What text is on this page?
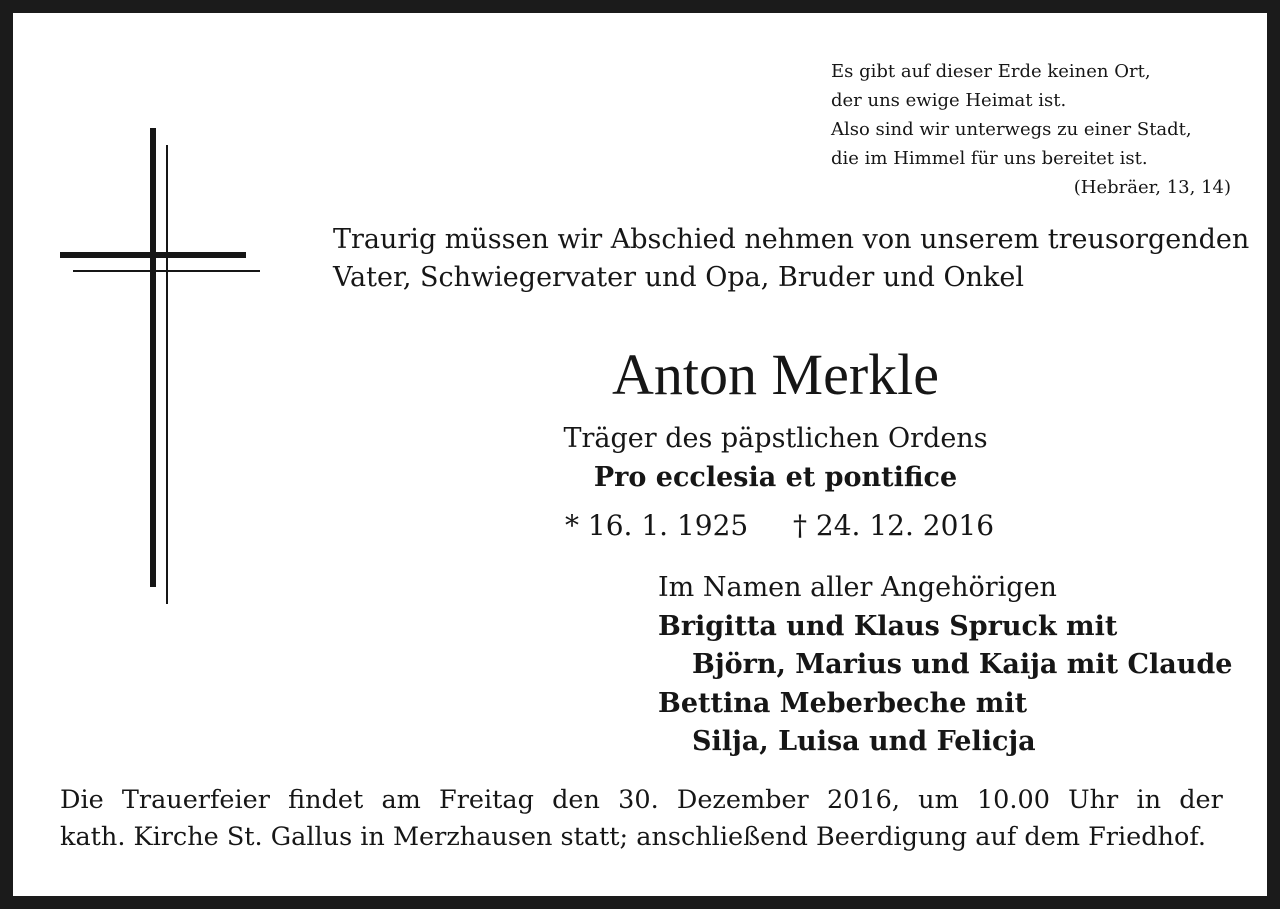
Es gibt auf dieser Erde keinen Ort,
der uns ewige Heimat ist.
Also sind wir unterwegs zu einer Stadt,
die im Himmel für uns bereitet ist.
(Hebräer, 13, 14)
Traurig müssen wir Abschied nehmen von unserem treusorgenden
Vater, Schwiegervater und Opa, Bruder und Onkel
Anton Merkle
Träger des päpstlichen Ordens
Pro ecclesia et pontifice
* 16. 1. 1925 † 24. 12. 2016
Im Namen aller Angehörigen
Brigitta und Klaus Spruck mit
Björn, Marius und Kaija mit Claude
Bettina Meberbeche mit
Silja, Luisa und Felicja
Die Trauerfeier findet am Freitag den 30. Dezember 2016, um 10.00 Uhr in der
kath. Kirche St. Gallus in Merzhausen statt; anschließend Beerdigung auf dem Friedhof.
